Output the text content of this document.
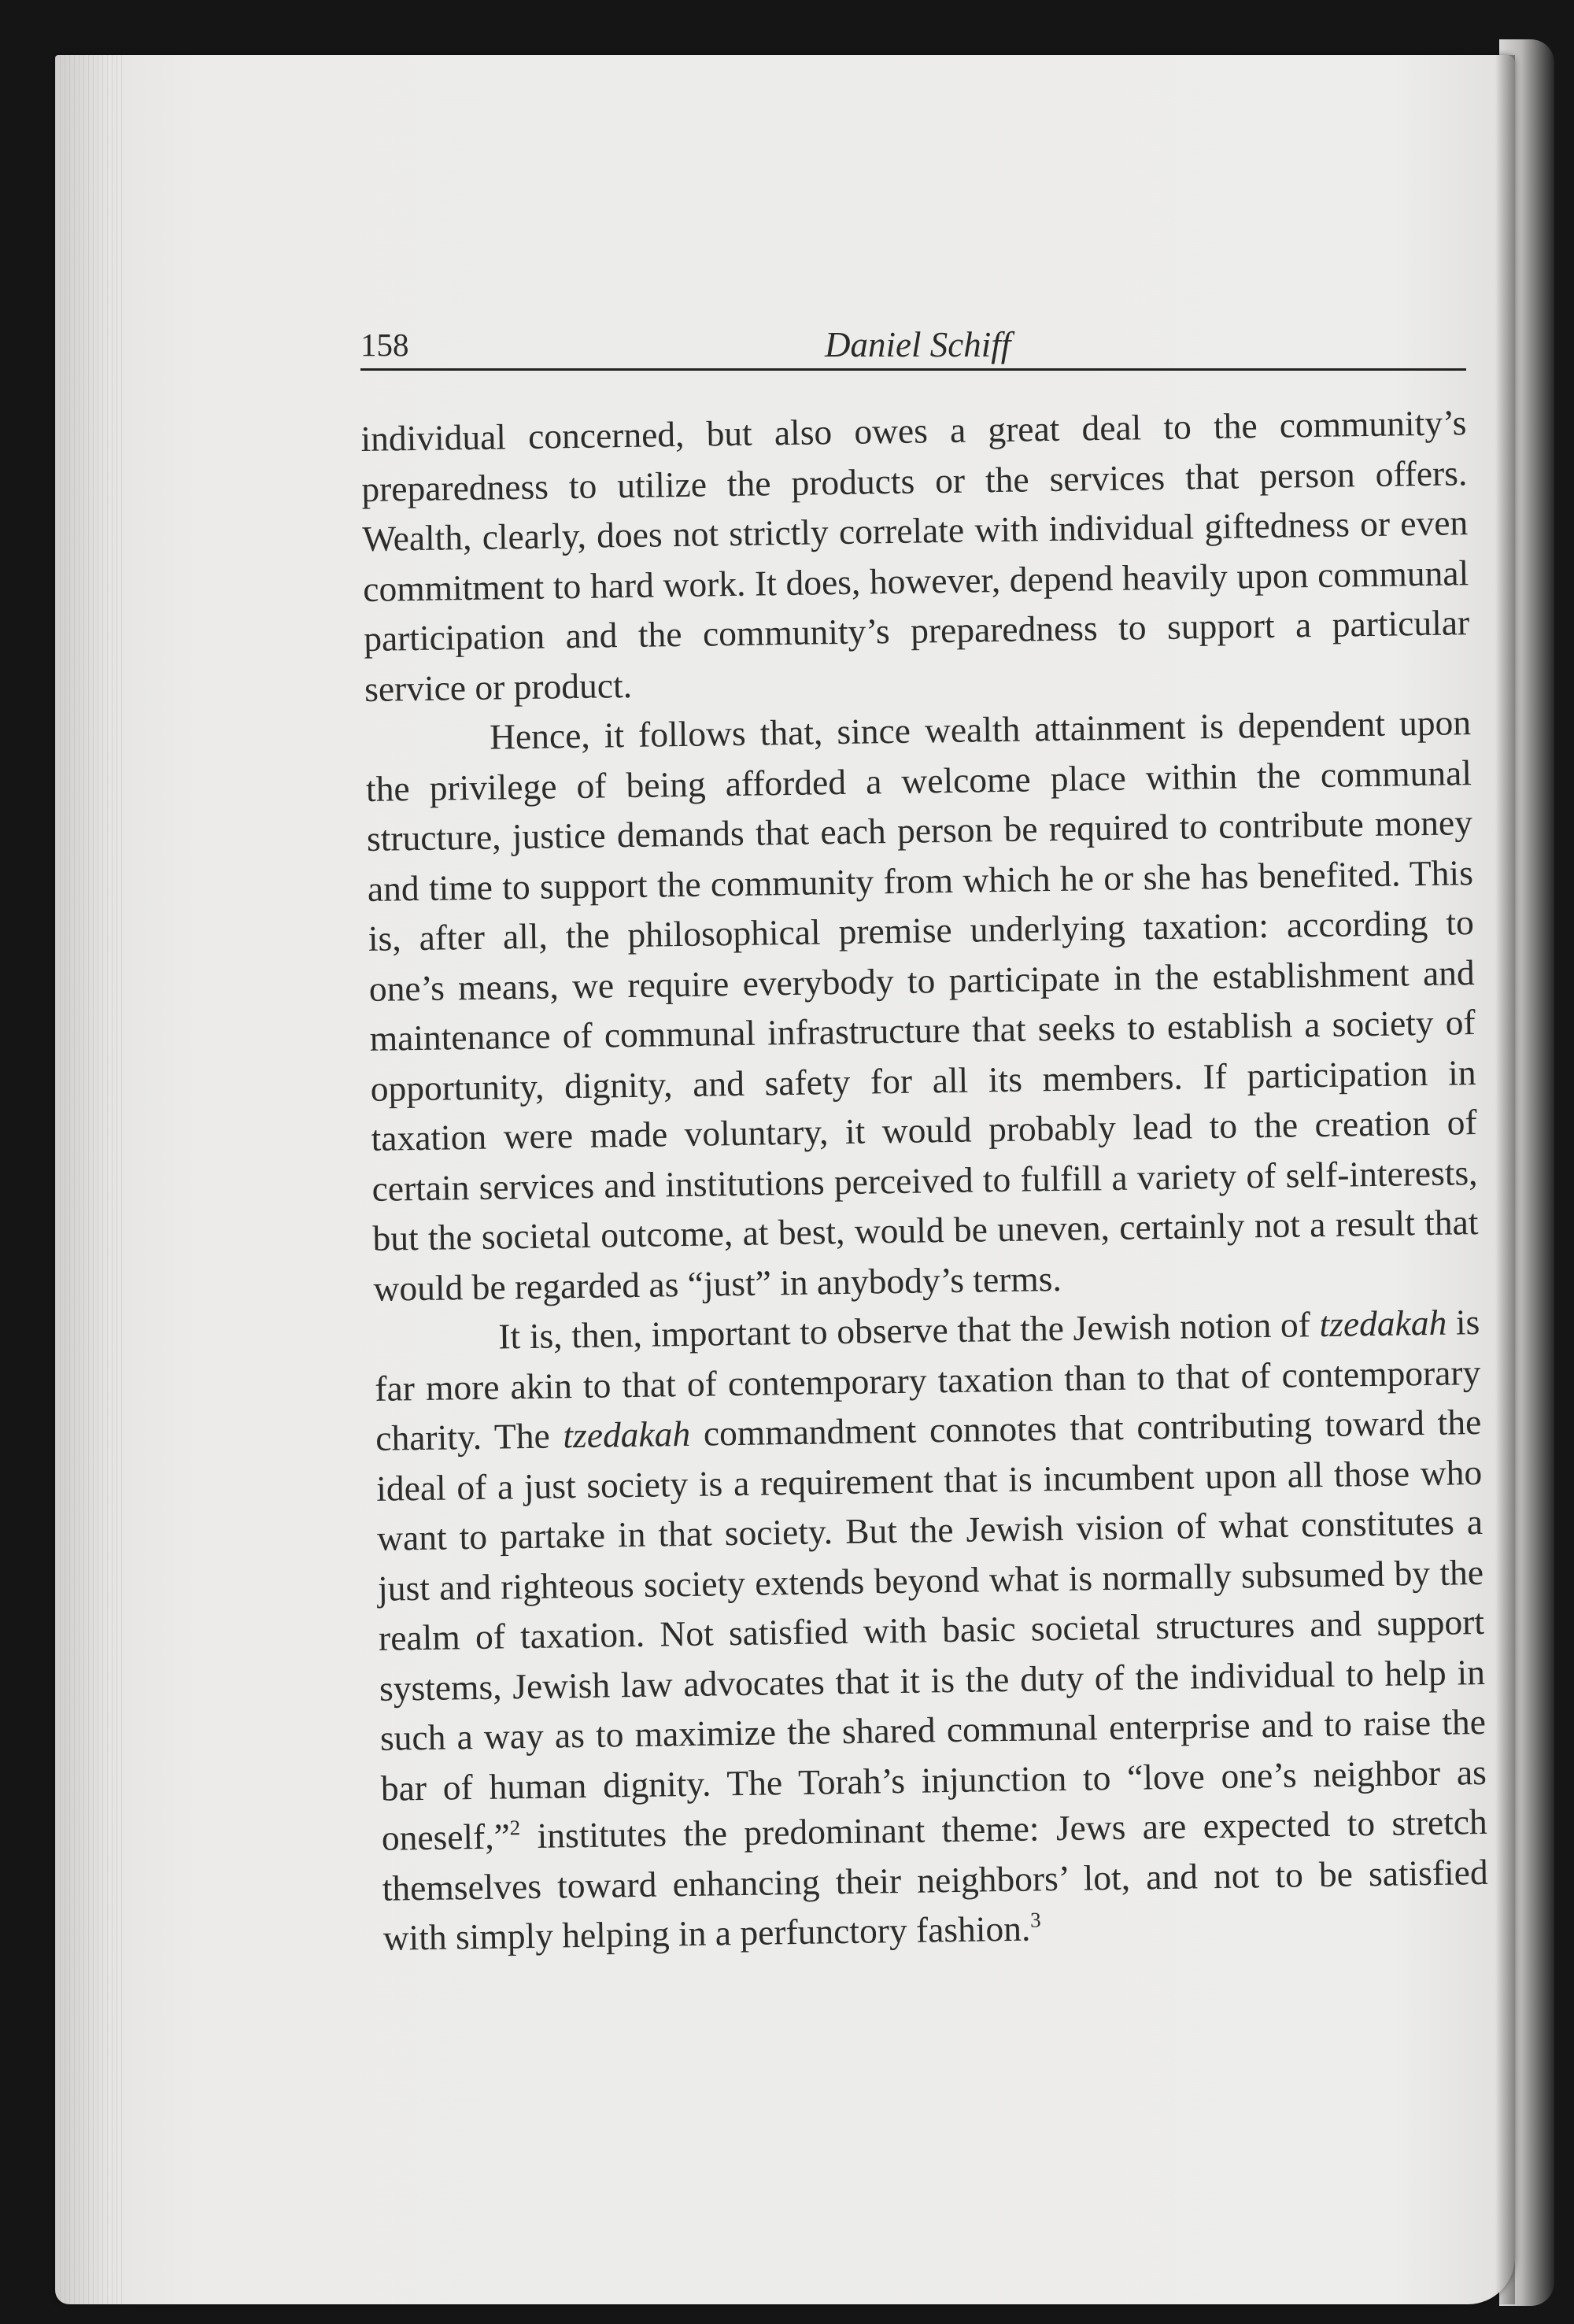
158	Daniel Schiff

individual concerned, but also owes a great deal to the community’s preparedness to utilize the products or the services that person offers. Wealth, clearly, does not strictly correlate with individual giftedness or even commitment to hard work. It does, however, depend heavily upon communal participation and the community’s preparedness to support a particular service or product.

Hence, it follows that, since wealth attainment is dependent upon the privilege of being afforded a welcome place within the communal structure, justice demands that each person be required to contribute money and time to support the community from which he or she has benefited. This is, after all, the philosophical premise underlying taxation: according to one’s means, we require everybody to participate in the establishment and maintenance of communal infrastructure that seeks to establish a society of opportunity, dignity, and safety for all its members. If participation in taxation were made voluntary, it would probably lead to the creation of certain services and institutions perceived to fulfill a variety of self-interests, but the societal outcome, at best, would be uneven, certainly not a result that would be regarded as “just” in anybody’s terms.

It is, then, important to observe that the Jewish notion of tzedakah is far more akin to that of contemporary taxation than to that of contemporary charity. The tzedakah commandment connotes that contributing toward the ideal of a just society is a requirement that is incumbent upon all those who want to partake in that society. But the Jewish vision of what constitutes a just and righteous society extends beyond what is normally subsumed by the realm of taxation. Not satisfied with basic societal structures and support systems, Jewish law advocates that it is the duty of the individual to help in such a way as to maximize the shared communal enterprise and to raise the bar of human dignity. The Torah’s injunction to “love one’s neighbor as oneself,”$^2$ institutes the predominant theme: Jews are expected to stretch themselves toward enhancing their neighbors’ lot, and not to be satisfied with simply helping in a perfunctory fashion.$^3$
